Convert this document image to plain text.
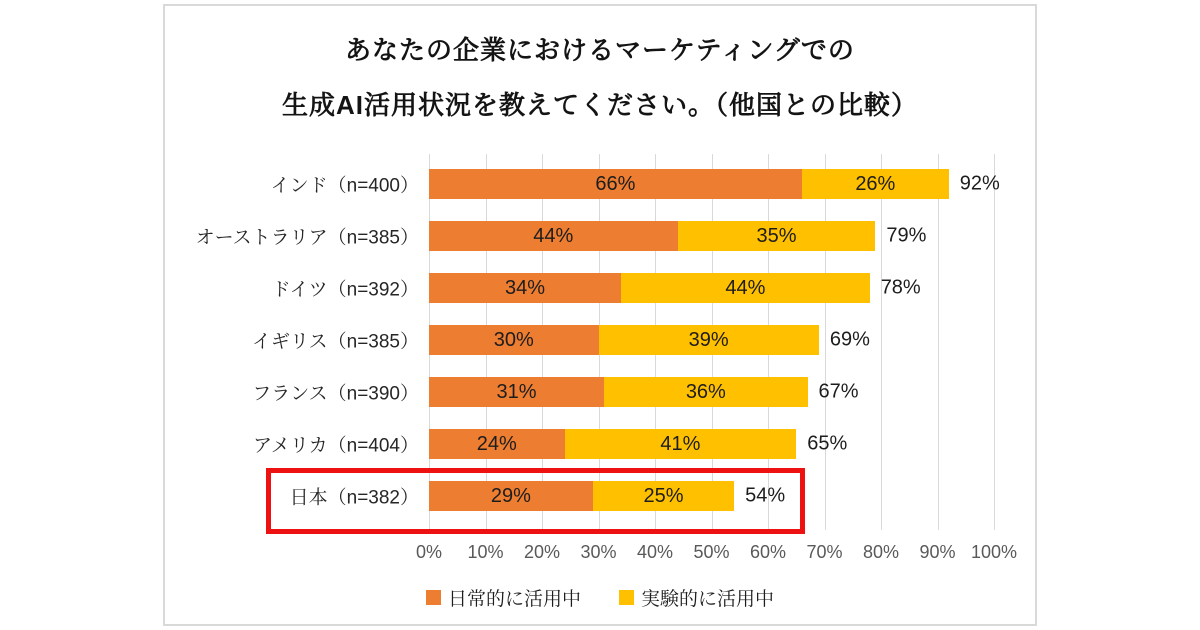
あなたの企業におけるマーケティングでの
生成AI活用状況を教えてください。（他国との比較）
日常的に活用中	実験的に活用中
0% 10% 20% 30% 40% 50% 60% 70% 80% 90% 100%
インド（n=400）	66%	26%	92%
オーストラリア（n=385）	44%	35%	79%
ドイツ（n=392）	34%	44%	78%
イギリス（n=385）	30%	39%	69%
フランス（n=390）	31%	36%	67%
アメリカ（n=404）	24%	41%	65%
日本（n=382）	29%	25%	54%
